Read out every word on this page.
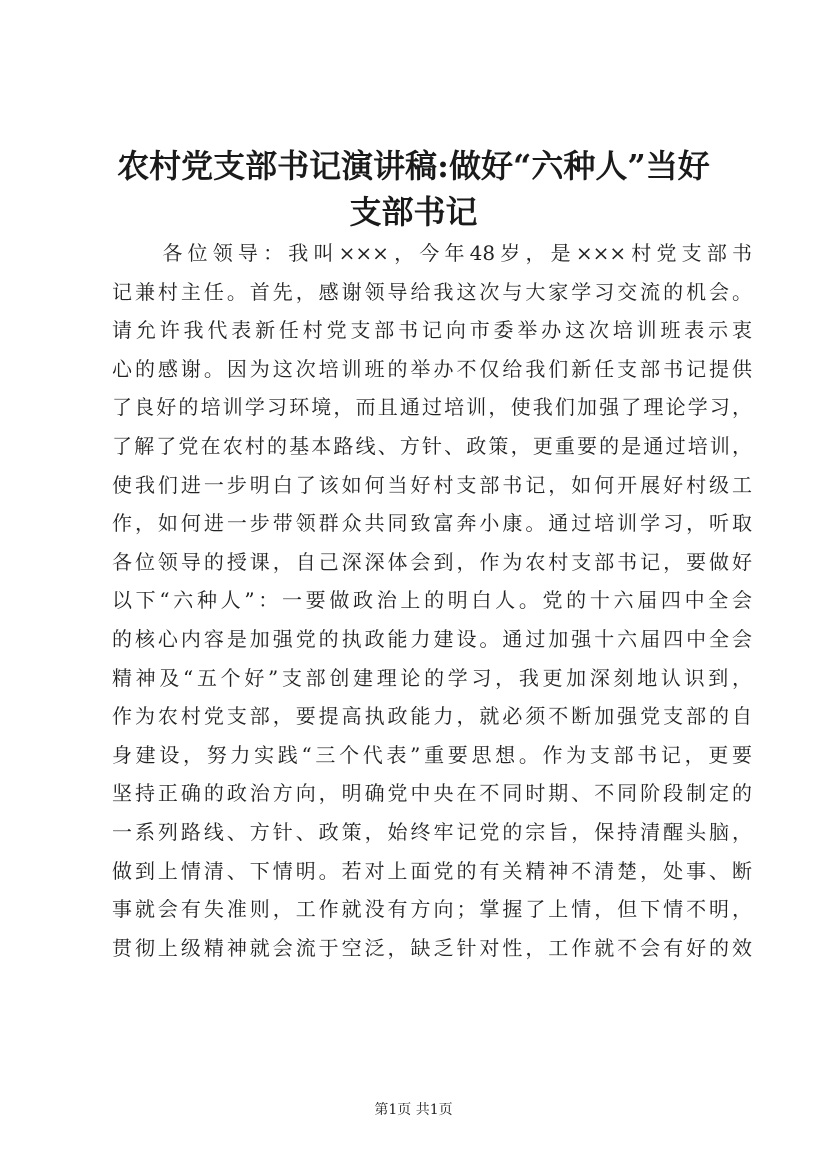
农村党支部书记演讲稿:做好“六种人”当好
支部书记
　　各位领导：我叫×××，今年48岁，是×××村党支部书
记兼村主任。首先，感谢领导给我这次与大家学习交流的机会。
请允许我代表新任村党支部书记向市委举办这次培训班表示衷
心的感谢。因为这次培训班的举办不仅给我们新任支部书记提供
了良好的培训学习环境，而且通过培训，使我们加强了理论学习，
了解了党在农村的基本路线、方针、政策，更重要的是通过培训，
使我们进一步明白了该如何当好村支部书记，如何开展好村级工
作，如何进一步带领群众共同致富奔小康。通过培训学习，听取
各位领导的授课，自己深深体会到，作为农村支部书记，要做好
以下“六种人”：一要做政治上的明白人。党的十六届四中全会
的核心内容是加强党的执政能力建设。通过加强十六届四中全会
精神及“五个好”支部创建理论的学习，我更加深刻地认识到，
作为农村党支部，要提高执政能力，就必须不断加强党支部的自
身建设，努力实践“三个代表”重要思想。作为支部书记，更要
坚持正确的政治方向，明确党中央在不同时期、不同阶段制定的
一系列路线、方针、政策，始终牢记党的宗旨，保持清醒头脑，
做到上情清、下情明。若对上面党的有关精神不清楚，处事、断
事就会有失准则，工作就没有方向；掌握了上情，但下情不明，
贯彻上级精神就会流于空泛，缺乏针对性，工作就不会有好的效
第1页 共1页
